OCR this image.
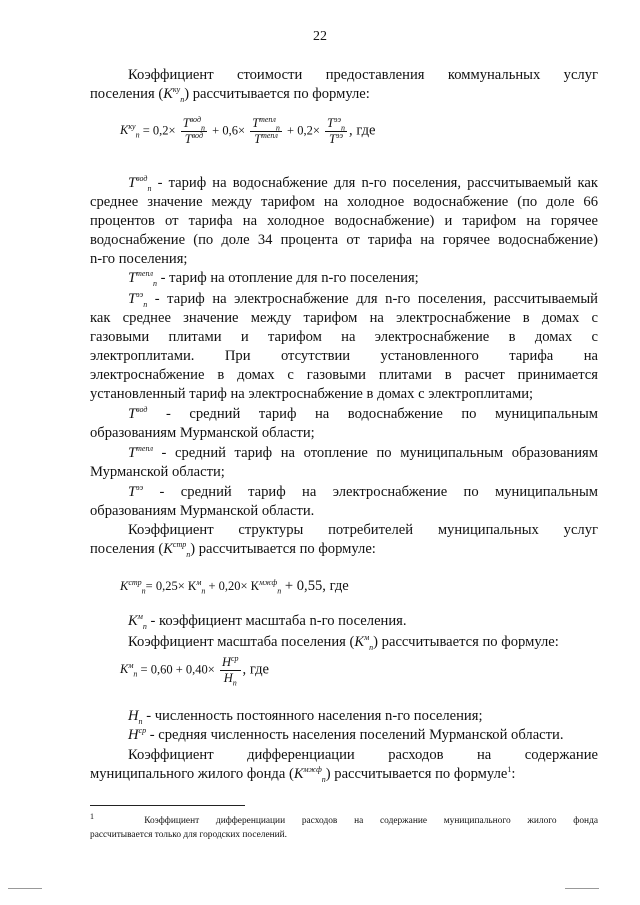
22
Коэффициент стоимости предоставления коммунальных услуг
поселения $(К^{ку}_п)$ рассчитывается по формуле:
$К^{ку}_п = 0,2\times \frac{Т^{вод}_п}{Т^{вод}} + 0,6\times \frac{Т^{тепл}_п}{Т^{тепл}} + 0,2\times \frac{Т^{ээ}_п}{Т^{ээ}}$ , где
$Т^{вод}_п$ - тариф на водоснабжение для n-го поселения, рассчитываемый как
среднее значение между тарифом на холодное водоснабжение (по доле 66
процентов от тарифа на холодное водоснабжение) и тарифом на горячее
водоснабжение (по доле 34 процента от тарифа на горячее водоснабжение)
n-го поселения;
$Т^{тепл}_п$ - тариф на отопление для n-го поселения;
$Т^{ээ}_п$ - тариф на электроснабжение для n-го поселения, рассчитываемый
как среднее значение между тарифом на электроснабжение в домах с
газовыми плитами и тарифом на электроснабжение в домах с
электроплитами. При отсутствии установленного тарифа на
электроснабжение в домах с газовыми плитами в расчет принимается
установленный тариф на электроснабжение в домах с электроплитами;
$Т^{вод}$ - средний тариф на водоснабжение по муниципальным
образованиям Мурманской области;
$Т^{тепл}$ - средний тариф на отопление по муниципальным образованиям
Мурманской области;
$Т^{ээ}$ - средний тариф на электроснабжение по муниципальным
образованиям Мурманской области.
Коэффициент структуры потребителей муниципальных услуг
поселения $(К^{стр}_п)$ рассчитывается по формуле:
$К^{стр}_п= 0,25\times К^м_п + 0,20\times К^{мжф}_п + 0,55$, где
$К^м_п$ - коэффициент масштаба n-го поселения.
Коэффициент масштаба поселения $(К^м_п)$ рассчитывается по формуле:
$К^м_п = 0,60 + 0,40\times \frac{Н^{ср}}{Н_п}$ , где
$Н_п$ - численность постоянного населения n-го поселения;
$Н^{ср}$ - средняя численность населения поселений Мурманской области.
Коэффициент дифференциации расходов на содержание
муниципального жилого фонда $(К^{мжф}_п)$ рассчитывается по формуле$^1$:
$^1$	Коэффициент дифференциации расходов на содержание муниципального жилого фонда
рассчитывается только для городских поселений.
